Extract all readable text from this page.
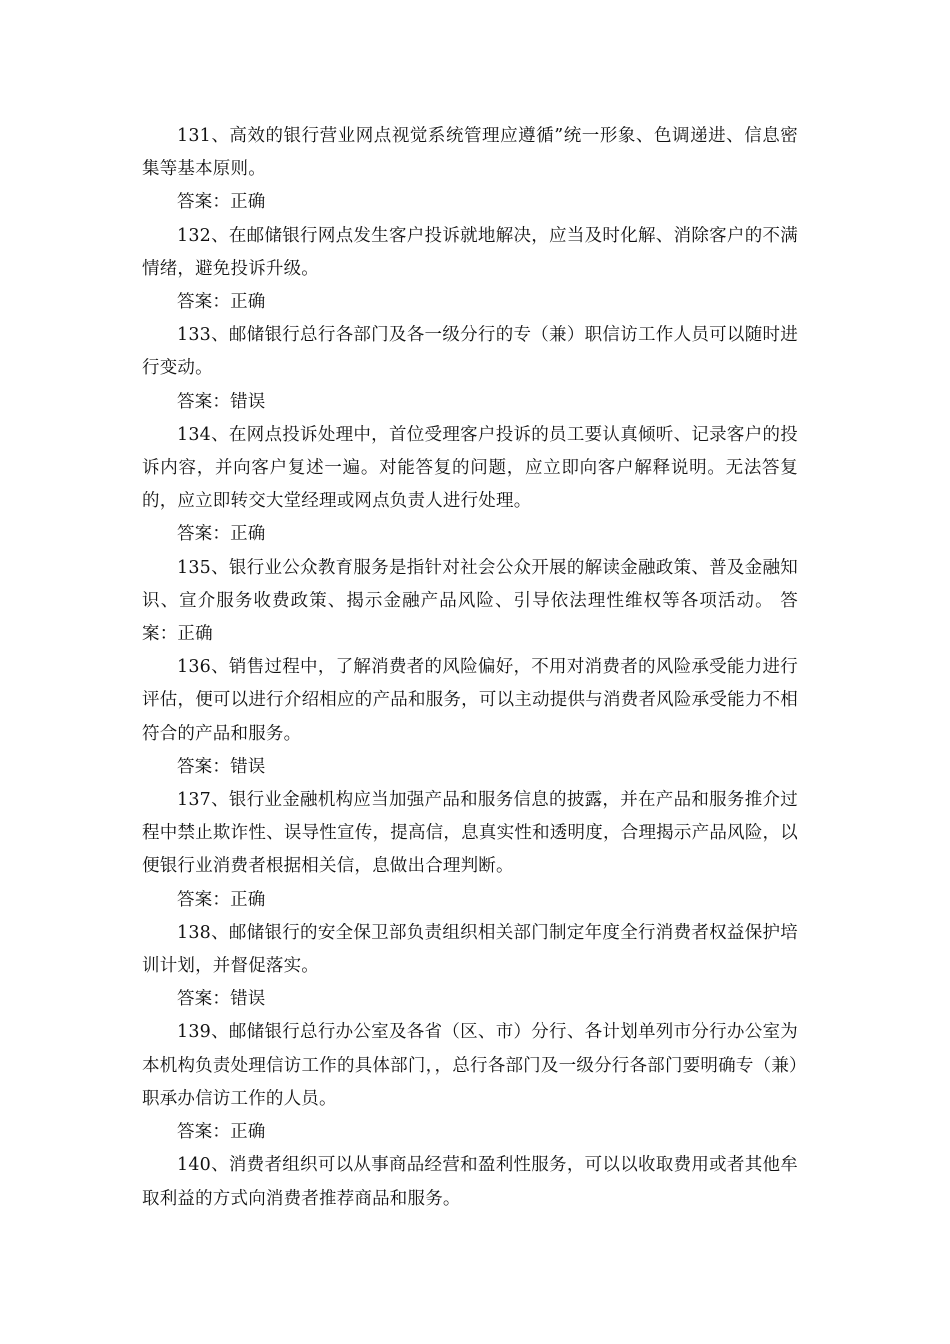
131、高效的银行营业网点视觉系统管理应遵循”统一形象、色调递进、信息密集等基本原则。

答案：正确

132、在邮储银行网点发生客户投诉就地解决，应当及时化解、消除客户的不满情绪，避免投诉升级。

答案：正确

133、邮储银行总行各部门及各一级分行的专（兼）职信访工作人员可以随时进行变动。

答案：错误

134、在网点投诉处理中，首位受理客户投诉的员工要认真倾听、记录客户的投诉内容，并向客户复述一遍。对能答复的问题，应立即向客户解释说明。无法答复的，应立即转交大堂经理或网点负责人进行处理。

答案：正确

135、银行业公众教育服务是指针对社会公众开展的解读金融政策、普及金融知识、宣介服务收费政策、揭示金融产品风险、引导依法理性维权等各项活动。 答案：正确

136、销售过程中，了解消费者的风险偏好，不用对消费者的风险承受能力进行评估，便可以进行介绍相应的产品和服务，可以主动提供与消费者风险承受能力不相符合的产品和服务。

答案：错误

137、银行业金融机构应当加强产品和服务信息的披露，并在产品和服务推介过程中禁止欺诈性、误导性宣传，提高信，息真实性和透明度，合理揭示产品风险，以便银行业消费者根据相关信，息做出合理判断。

答案：正确

138、邮储银行的安全保卫部负责组织相关部门制定年度全行消费者权益保护培训计划，并督促落实。

答案：错误

139、邮储银行总行办公室及各省（区、市）分行、各计划单列市分行办公室为本机构负责处理信访工作的具体部门，，总行各部门及一级分行各部门要明确专（兼）职承办信访工作的人员。

答案：正确

140、消费者组织可以从事商品经营和盈利性服务，可以以收取费用或者其他牟取利益的方式向消费者推荐商品和服务。
